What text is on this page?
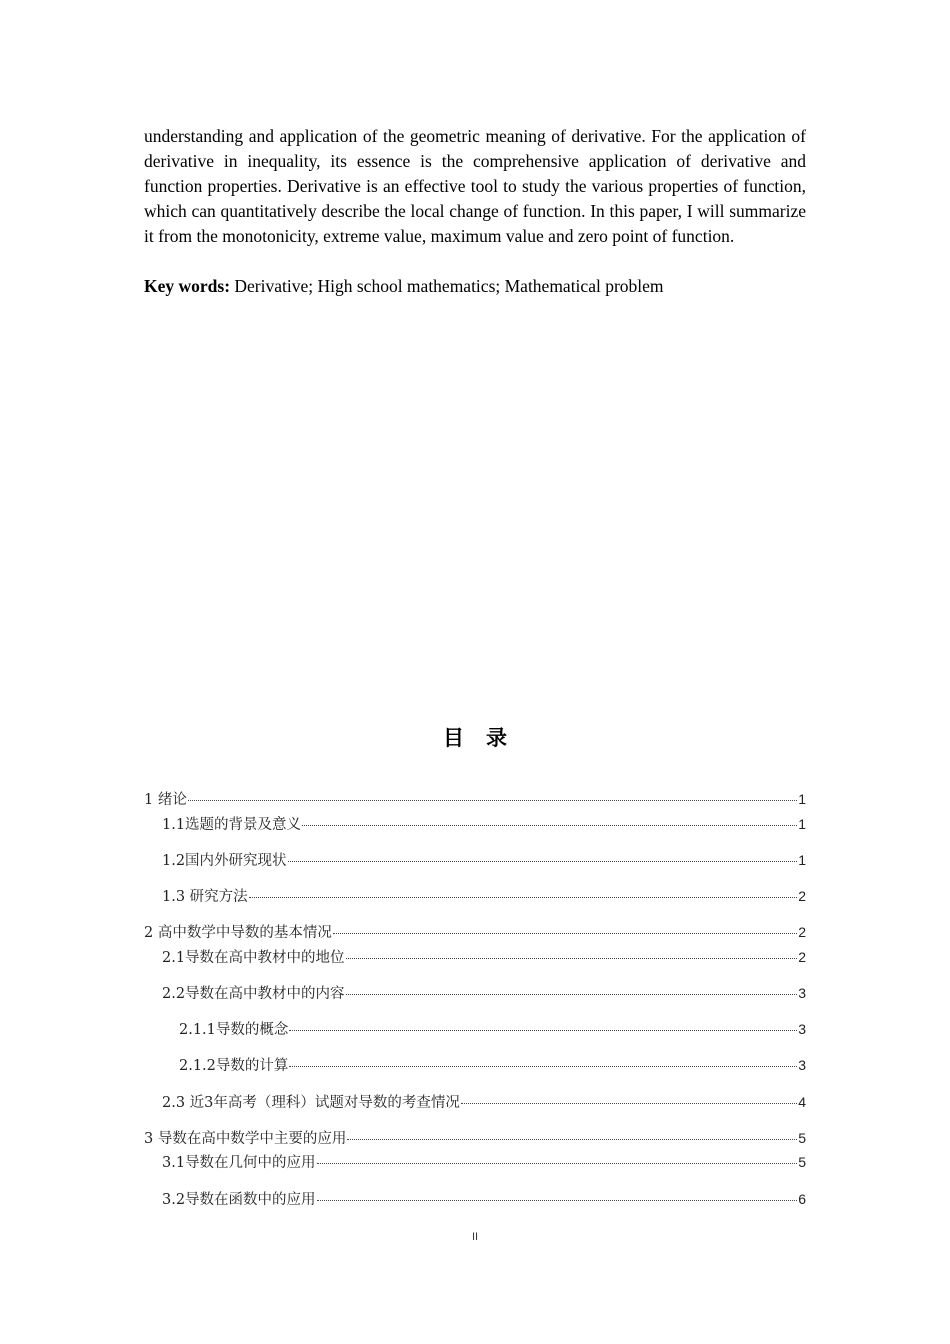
understanding and application of the geometric meaning of derivative. For the application of derivative in inequality, its essence is the comprehensive application of derivative and function properties. Derivative is an effective tool to study the various properties of function, which can quantitatively describe the local change of function. In this paper, I will summarize it from the monotonicity, extreme value, maximum value and zero point of function.

Key words: Derivative; High school mathematics; Mathematical problem

目录
1 绪论	1
1.1选题的背景及意义	1
1.2国内外研究现状	1
1.3 研究方法	2
2 高中数学中导数的基本情况	2
2.1导数在高中教材中的地位	2
2.2导数在高中教材中的内容	3
2.1.1导数的概念	3
2.1.2导数的计算	3
2.3 近3年高考（理科）试题对导数的考查情况	4
3 导数在高中数学中主要的应用	5
3.1导数在几何中的应用	5
3.2导数在函数中的应用	6
II
